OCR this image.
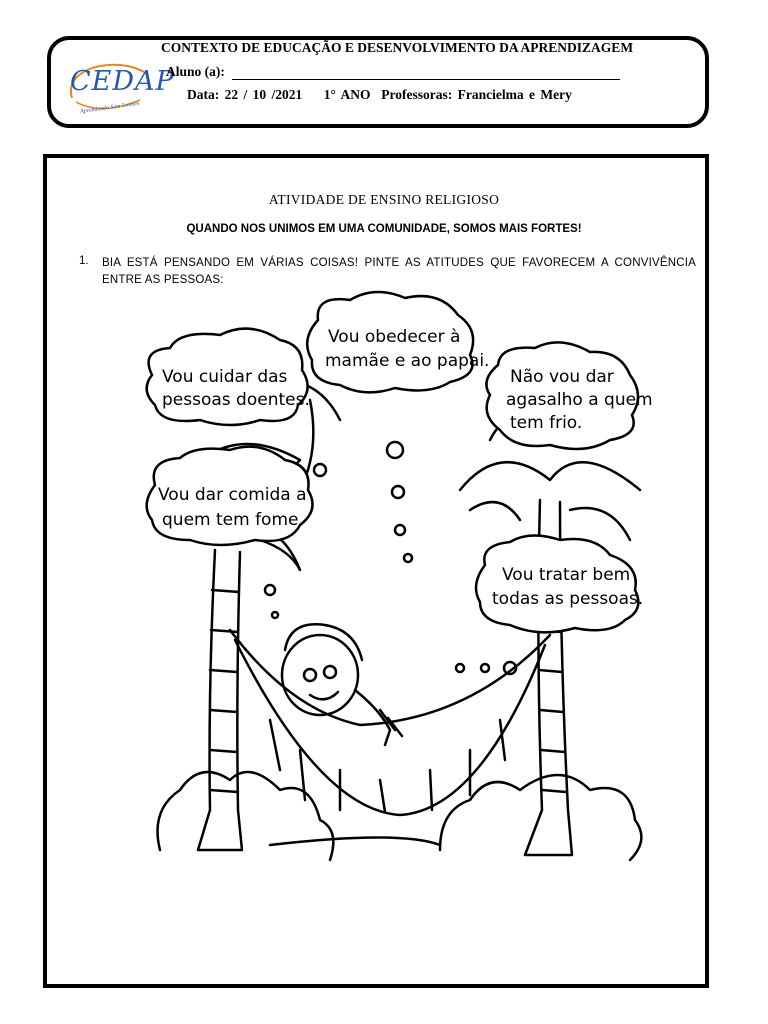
CEDAP
Aprendendo Sem Limites
CONTEXTO DE EDUCAÇÃO E DESENVOLVIMENTO DA APRENDIZAGEM
Aluno (a):
Data: 22 / 10 /2021    1° ANO  Professoras: Francielma e Mery
ATIVIDADE DE ENSINO RELIGIOSO
QUANDO NOS UNIMOS EM UMA COMUNIDADE, SOMOS MAIS FORTES!
1. BIA ESTÁ PENSANDO EM VÁRIAS COISAS! PINTE AS ATITUDES QUE FAVORECEM A CONVIVÊNCIA ENTRE AS PESSOAS:
Vou cuidar das
pessoas doentes.
Vou obedecer à
mamãe e ao papai.
Não vou dar
agasalho a quem
tem frio.
Vou dar comida a
quem tem fome.
Vou tratar bem
todas as pessoas.
